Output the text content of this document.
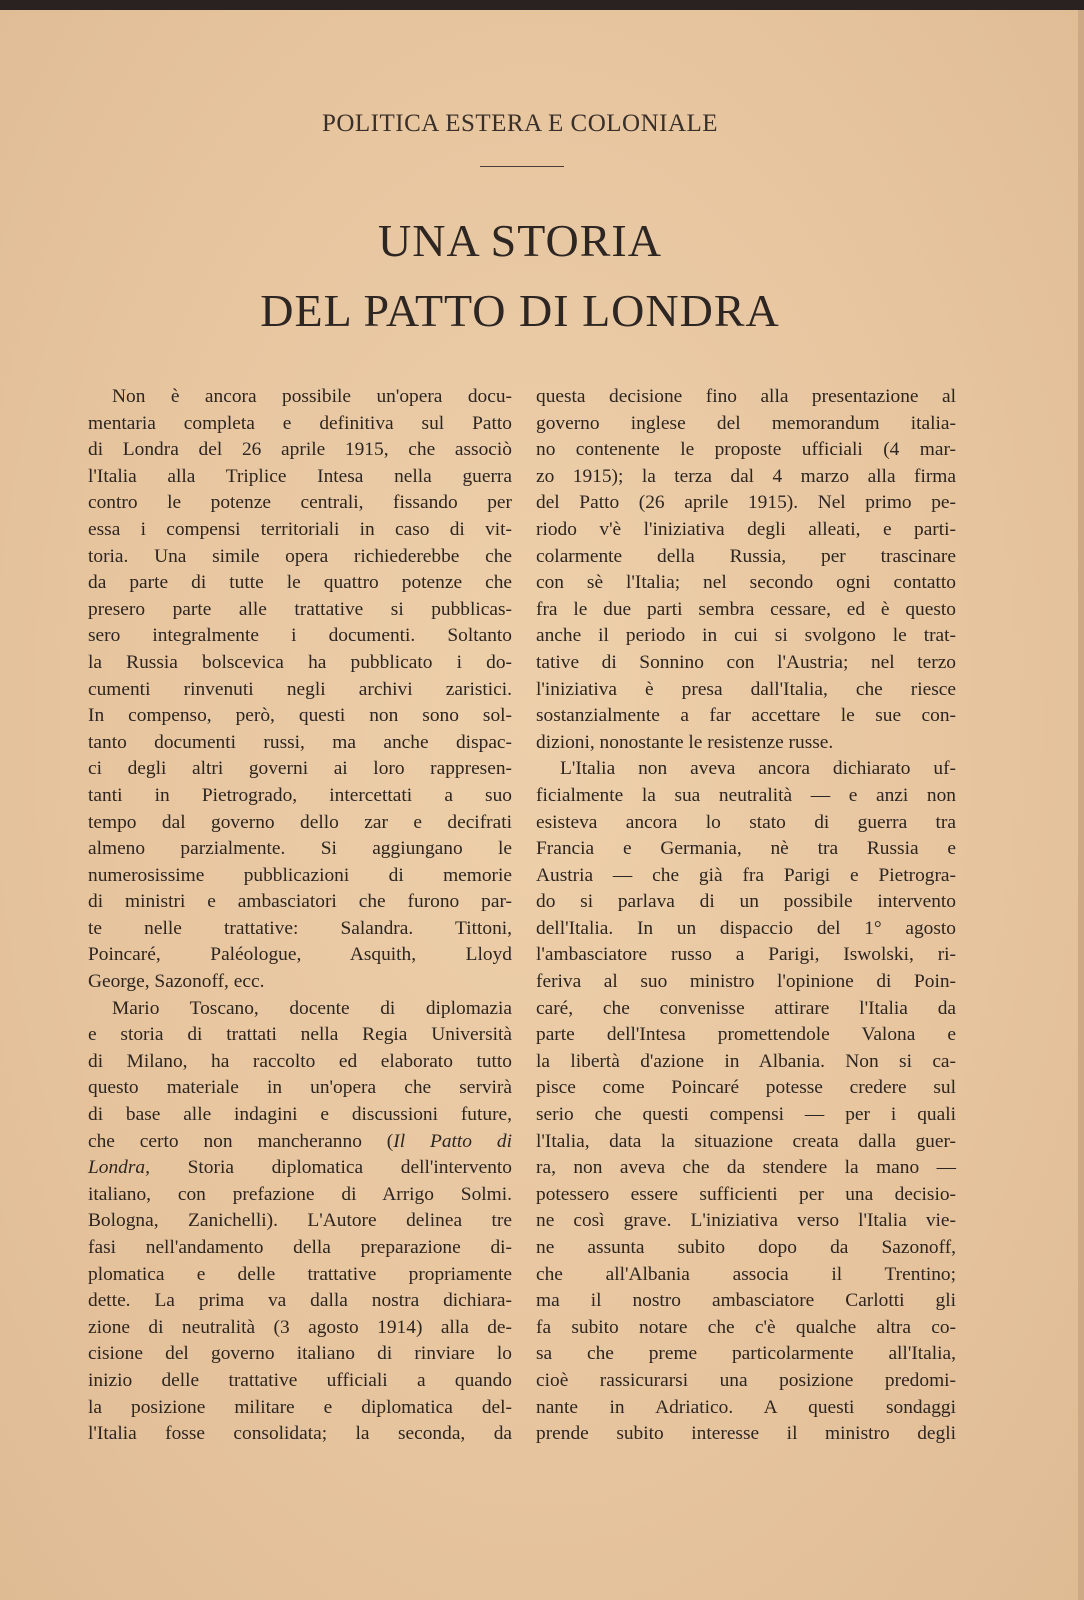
POLITICA ESTERA E COLONIALE
UNA STORIA
DEL PATTO DI LONDRA
Non è ancora possibile un'opera docu-
mentaria completa e definitiva sul Patto
di Londra del 26 aprile 1915, che associò
l'Italia alla Triplice Intesa nella guerra
contro le potenze centrali, fissando per
essa i compensi territoriali in caso di vit-
toria. Una simile opera richiederebbe che
da parte di tutte le quattro potenze che
presero parte alle trattative si pubblicas-
sero integralmente i documenti. Soltanto
la Russia bolscevica ha pubblicato i do-
cumenti rinvenuti negli archivi zaristici.
In compenso, però, questi non sono sol-
tanto documenti russi, ma anche dispac-
ci degli altri governi ai loro rappresen-
tanti in Pietrogrado, intercettati a suo
tempo dal governo dello zar e decifrati
almeno parzialmente. Si aggiungano le
numerosissime pubblicazioni di memorie
di ministri e ambasciatori che furono par-
te nelle trattative: Salandra. Tittoni,
Poincaré, Paléologue, Asquith, Lloyd
George, Sazonoff, ecc.
Mario Toscano, docente di diplomazia
e storia di trattati nella Regia Università
di Milano, ha raccolto ed elaborato tutto
questo materiale in un'opera che servirà
di base alle indagini e discussioni future,
che certo non mancheranno (Il Patto di
Londra, Storia diplomatica dell'intervento
italiano, con prefazione di Arrigo Solmi.
Bologna, Zanichelli). L'Autore delinea tre
fasi nell'andamento della preparazione di-
plomatica e delle trattative propriamente
dette. La prima va dalla nostra dichiara-
zione di neutralità (3 agosto 1914) alla de-
cisione del governo italiano di rinviare lo
inizio delle trattative ufficiali a quando
la posizione militare e diplomatica del-
l'Italia fosse consolidata; la seconda, da
questa decisione fino alla presentazione al
governo inglese del memorandum italia-
no contenente le proposte ufficiali (4 mar-
zo 1915); la terza dal 4 marzo alla firma
del Patto (26 aprile 1915). Nel primo pe-
riodo v'è l'iniziativa degli alleati, e parti-
colarmente della Russia, per trascinare
con sè l'Italia; nel secondo ogni contatto
fra le due parti sembra cessare, ed è questo
anche il periodo in cui si svolgono le trat-
tative di Sonnino con l'Austria; nel terzo
l'iniziativa è presa dall'Italia, che riesce
sostanzialmente a far accettare le sue con-
dizioni, nonostante le resistenze russe.
L'Italia non aveva ancora dichiarato uf-
ficialmente la sua neutralità — e anzi non
esisteva ancora lo stato di guerra tra
Francia e Germania, nè tra Russia e
Austria — che già fra Parigi e Pietrogra-
do si parlava di un possibile intervento
dell'Italia. In un dispaccio del 1° agosto
l'ambasciatore russo a Parigi, Iswolski, ri-
feriva al suo ministro l'opinione di Poin-
caré, che convenisse attirare l'Italia da
parte dell'Intesa promettendole Valona e
la libertà d'azione in Albania. Non si ca-
pisce come Poincaré potesse credere sul
serio che questi compensi — per i quali
l'Italia, data la situazione creata dalla guer-
ra, non aveva che da stendere la mano —
potessero essere sufficienti per una decisio-
ne così grave. L'iniziativa verso l'Italia vie-
ne assunta subito dopo da Sazonoff,
che all'Albania associa il Trentino;
ma il nostro ambasciatore Carlotti gli
fa subito notare che c'è qualche altra co-
sa che preme particolarmente all'Italia,
cioè rassicurarsi una posizione predomi-
nante in Adriatico. A questi sondaggi
prende subito interesse il ministro degli
